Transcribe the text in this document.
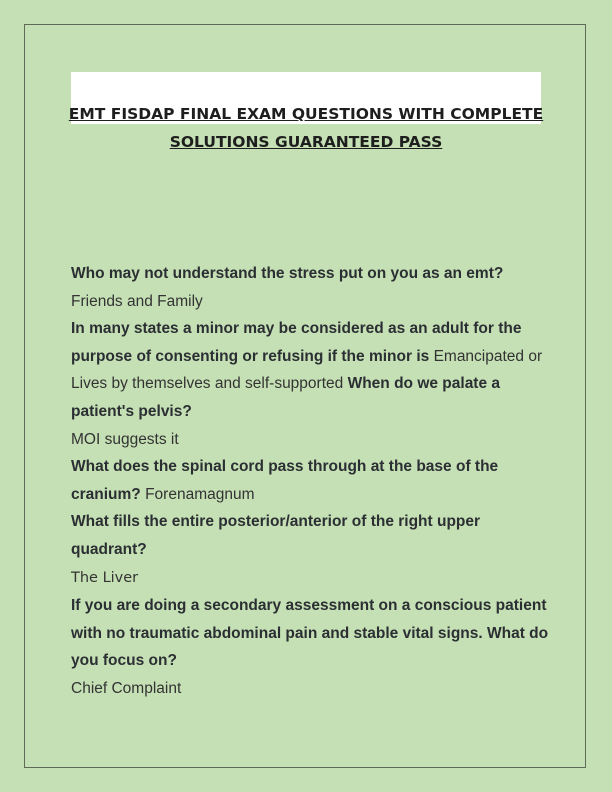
EMT FISDAP FINAL EXAM QUESTIONS WITH COMPLETE
SOLUTIONS GUARANTEED PASS

Who may not understand the stress put on you as an emt?

Friends and Family

In many states a minor may be considered as an adult for the purpose of consenting or refusing if the minor is Emancipated or Lives by themselves and self-supported When do we palate a patient's pelvis?

MOI suggests it

What does the spinal cord pass through at the base of the cranium? Forenamagnum

What fills the entire posterior/anterior of the right upper quadrant?

The Liver

If you are doing a secondary assessment on a conscious patient with no traumatic abdominal pain and stable vital signs. What do you focus on?

Chief Complaint
